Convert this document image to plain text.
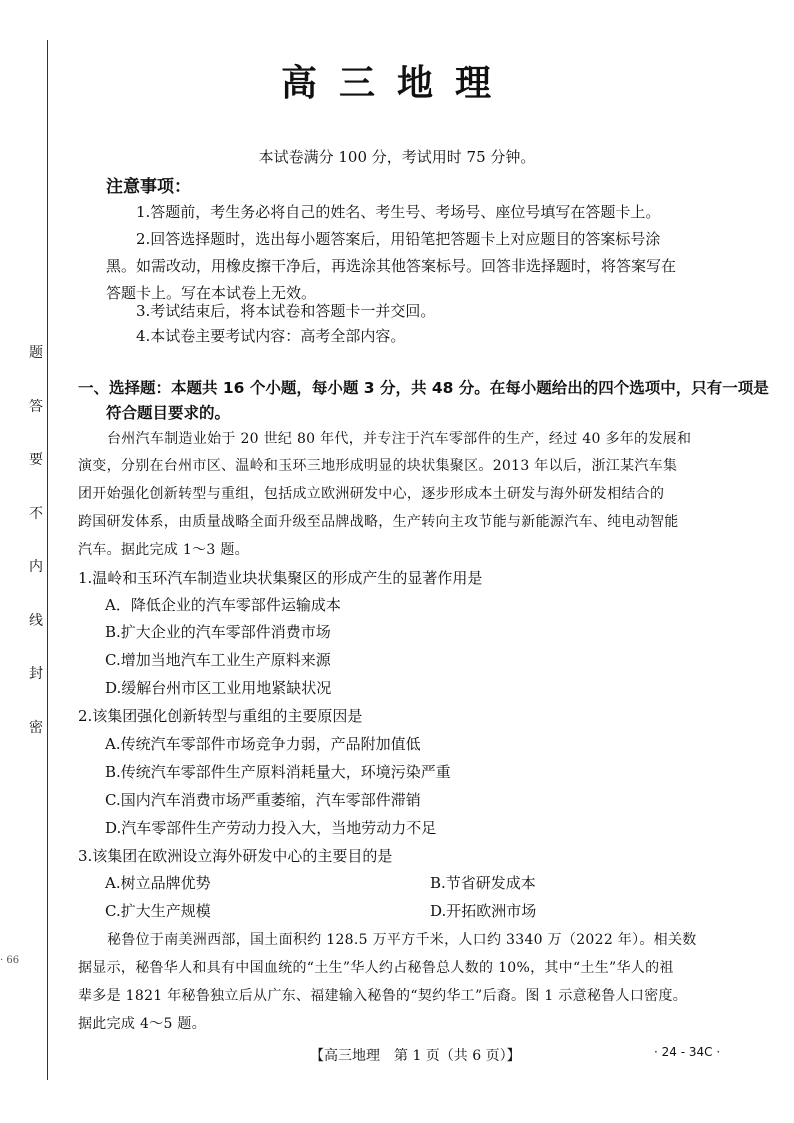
题
答
要
不
内
线
封
密
· 66
高三地理
本试卷满分 100 分，考试用时 75 分钟。
注意事项：
1.答题前，考生务必将自己的姓名、考生号、考场号、座位号填写在答题卡上。
2.回答选择题时，选出每小题答案后，用铅笔把答题卡上对应题目的答案标号涂
黑。如需改动，用橡皮擦干净后，再选涂其他答案标号。回答非选择题时，将答案写在
答题卡上。写在本试卷上无效。
3.考试结束后，将本试卷和答题卡一并交回。
4.本试卷主要考试内容：高考全部内容。
一、选择题：本题共 16 个小题，每小题 3 分，共 48 分。在每小题给出的四个选项中，只有一项是
符合题目要求的。
台州汽车制造业始于 20 世纪 80 年代，并专注于汽车零部件的生产，经过 40 多年的发展和
演变，分别在台州市区、温岭和玉环三地形成明显的块状集聚区。2013 年以后，浙江某汽车集
团开始强化创新转型与重组，包括成立欧洲研发中心，逐步形成本土研发与海外研发相结合的
跨国研发体系，由质量战略全面升级至品牌战略，生产转向主攻节能与新能源汽车、纯电动智能
汽车。据此完成 1～3 题。
1.温岭和玉环汽车制造业块状集聚区的形成产生的显著作用是
A．降低企业的汽车零部件运输成本
B.扩大企业的汽车零部件消费市场
C.增加当地汽车工业生产原料来源
D.缓解台州市区工业用地紧缺状况
2.该集团强化创新转型与重组的主要原因是
A.传统汽车零部件市场竞争力弱，产品附加值低
B.传统汽车零部件生产原料消耗量大，环境污染严重
C.国内汽车消费市场严重萎缩，汽车零部件滞销
D.汽车零部件生产劳动力投入大，当地劳动力不足
3.该集团在欧洲设立海外研发中心的主要目的是
A.树立品牌优势	B.节省研发成本
C.扩大生产规模	D.开拓欧洲市场
秘鲁位于南美洲西部，国土面积约 128.5 万平方千米，人口约 3340 万（2022 年）。相关数
据显示，秘鲁华人和具有中国血统的“土生”华人约占秘鲁总人数的 10%，其中“土生”华人的祖
辈多是 1821 年秘鲁独立后从广东、福建输入秘鲁的“契约华工”后裔。图 1 示意秘鲁人口密度。
据此完成 4～5 题。
【高三地理　第 1 页（共 6 页）】	· 24 - 34C ·
